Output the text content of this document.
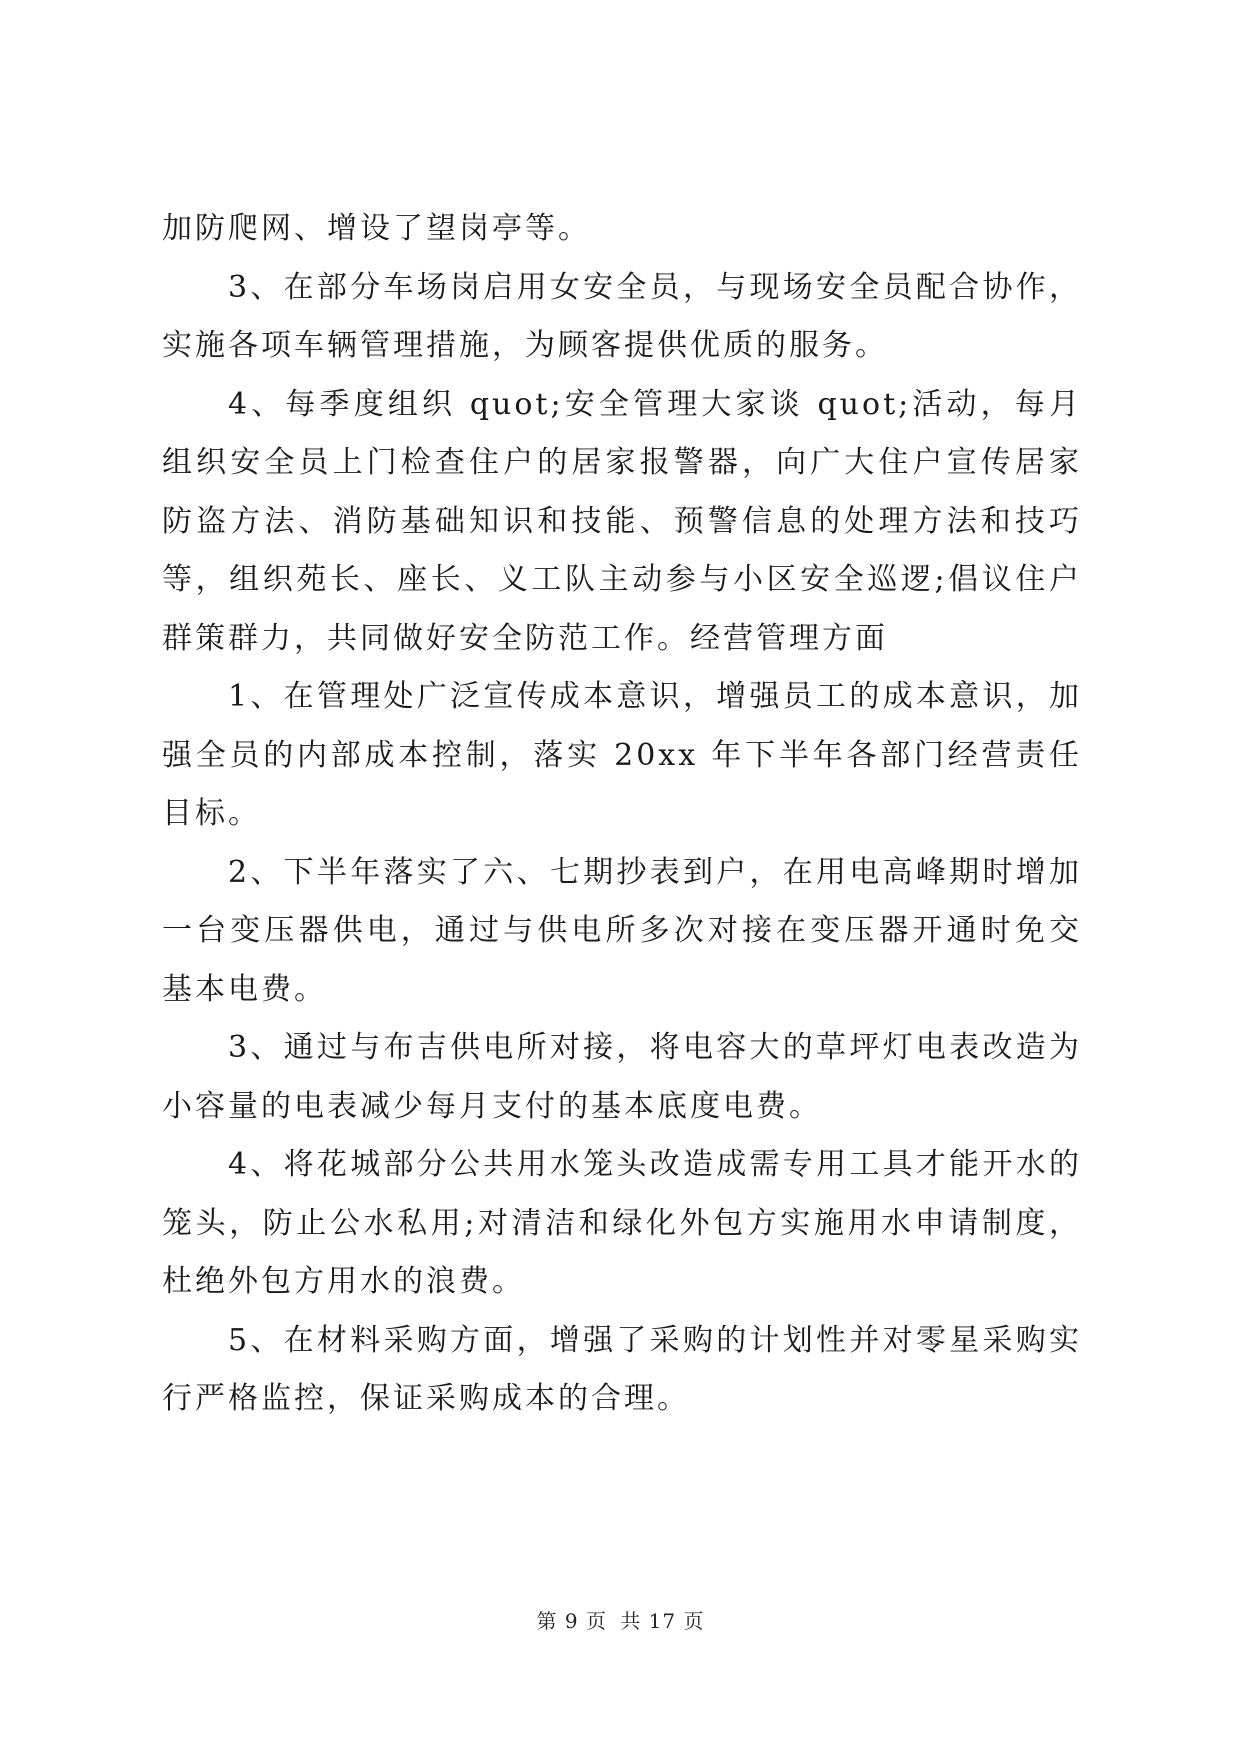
加防爬网、增设了望岗亭等。

3、在部分车场岗启用女安全员，与现场安全员配合协作，实施各项车辆管理措施，为顾客提供优质的服务。

4、每季度组织 quot;安全管理大家谈 quot;活动，每月组织安全员上门检查住户的居家报警器，向广大住户宣传居家防盗方法、消防基础知识和技能、预警信息的处理方法和技巧等，组织苑长、座长、义工队主动参与小区安全巡逻;倡议住户群策群力，共同做好安全防范工作。经营管理方面

1、在管理处广泛宣传成本意识，增强员工的成本意识，加强全员的内部成本控制，落实 20xx 年下半年各部门经营责任目标。

2、下半年落实了六、七期抄表到户，在用电高峰期时增加一台变压器供电，通过与供电所多次对接在变压器开通时免交基本电费。

3、通过与布吉供电所对接，将电容大的草坪灯电表改造为小容量的电表减少每月支付的基本底度电费。

4、将花城部分公共用水笼头改造成需专用工具才能开水的笼头，防止公水私用;对清洁和绿化外包方实施用水申请制度，杜绝外包方用水的浪费。

5、在材料采购方面，增强了采购的计划性并对零星采购实行严格监控，保证采购成本的合理。

第 9 页 共 17 页
